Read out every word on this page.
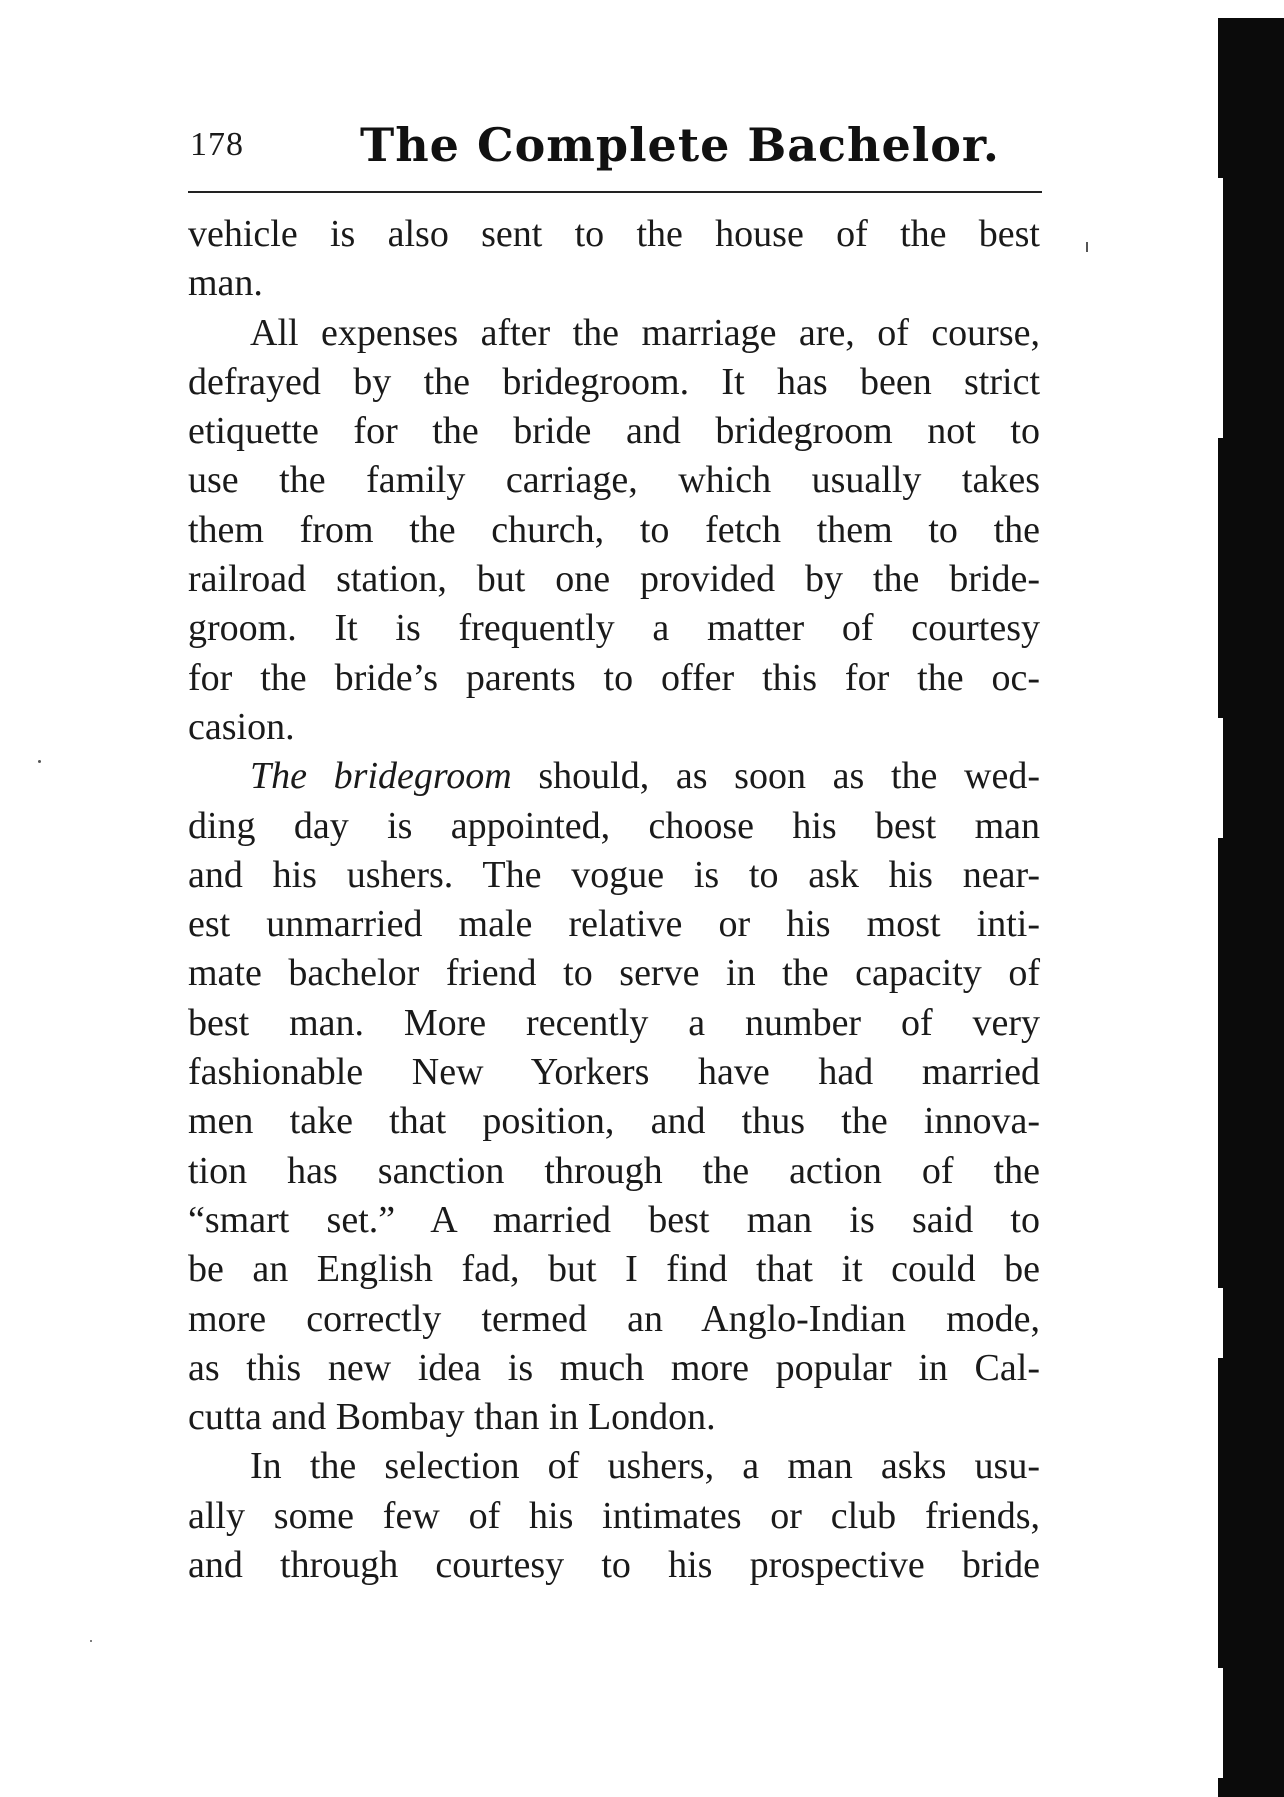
178	The Complete Bachelor.
vehicle is also sent to the house of the best
man.
All expenses after the marriage are, of course,
defrayed by the bridegroom. It has been strict
etiquette for the bride and bridegroom not to
use the family carriage, which usually takes
them from the church, to fetch them to the
railroad station, but one provided by the bride-
groom. It is frequently a matter of courtesy
for the bride’s parents to offer this for the oc-
casion.
The bridegroom should, as soon as the wed-
ding day is appointed, choose his best man
and his ushers. The vogue is to ask his near-
est unmarried male relative or his most inti-
mate bachelor friend to serve in the capacity of
best man. More recently a number of very
fashionable New Yorkers have had married
men take that position, and thus the innova-
tion has sanction through the action of the
“smart set.” A married best man is said to
be an English fad, but I find that it could be
more correctly termed an Anglo-Indian mode,
as this new idea is much more popular in Cal-
cutta and Bombay than in London.
In the selection of ushers, a man asks usu-
ally some few of his intimates or club friends,
and through courtesy to his prospective bride
